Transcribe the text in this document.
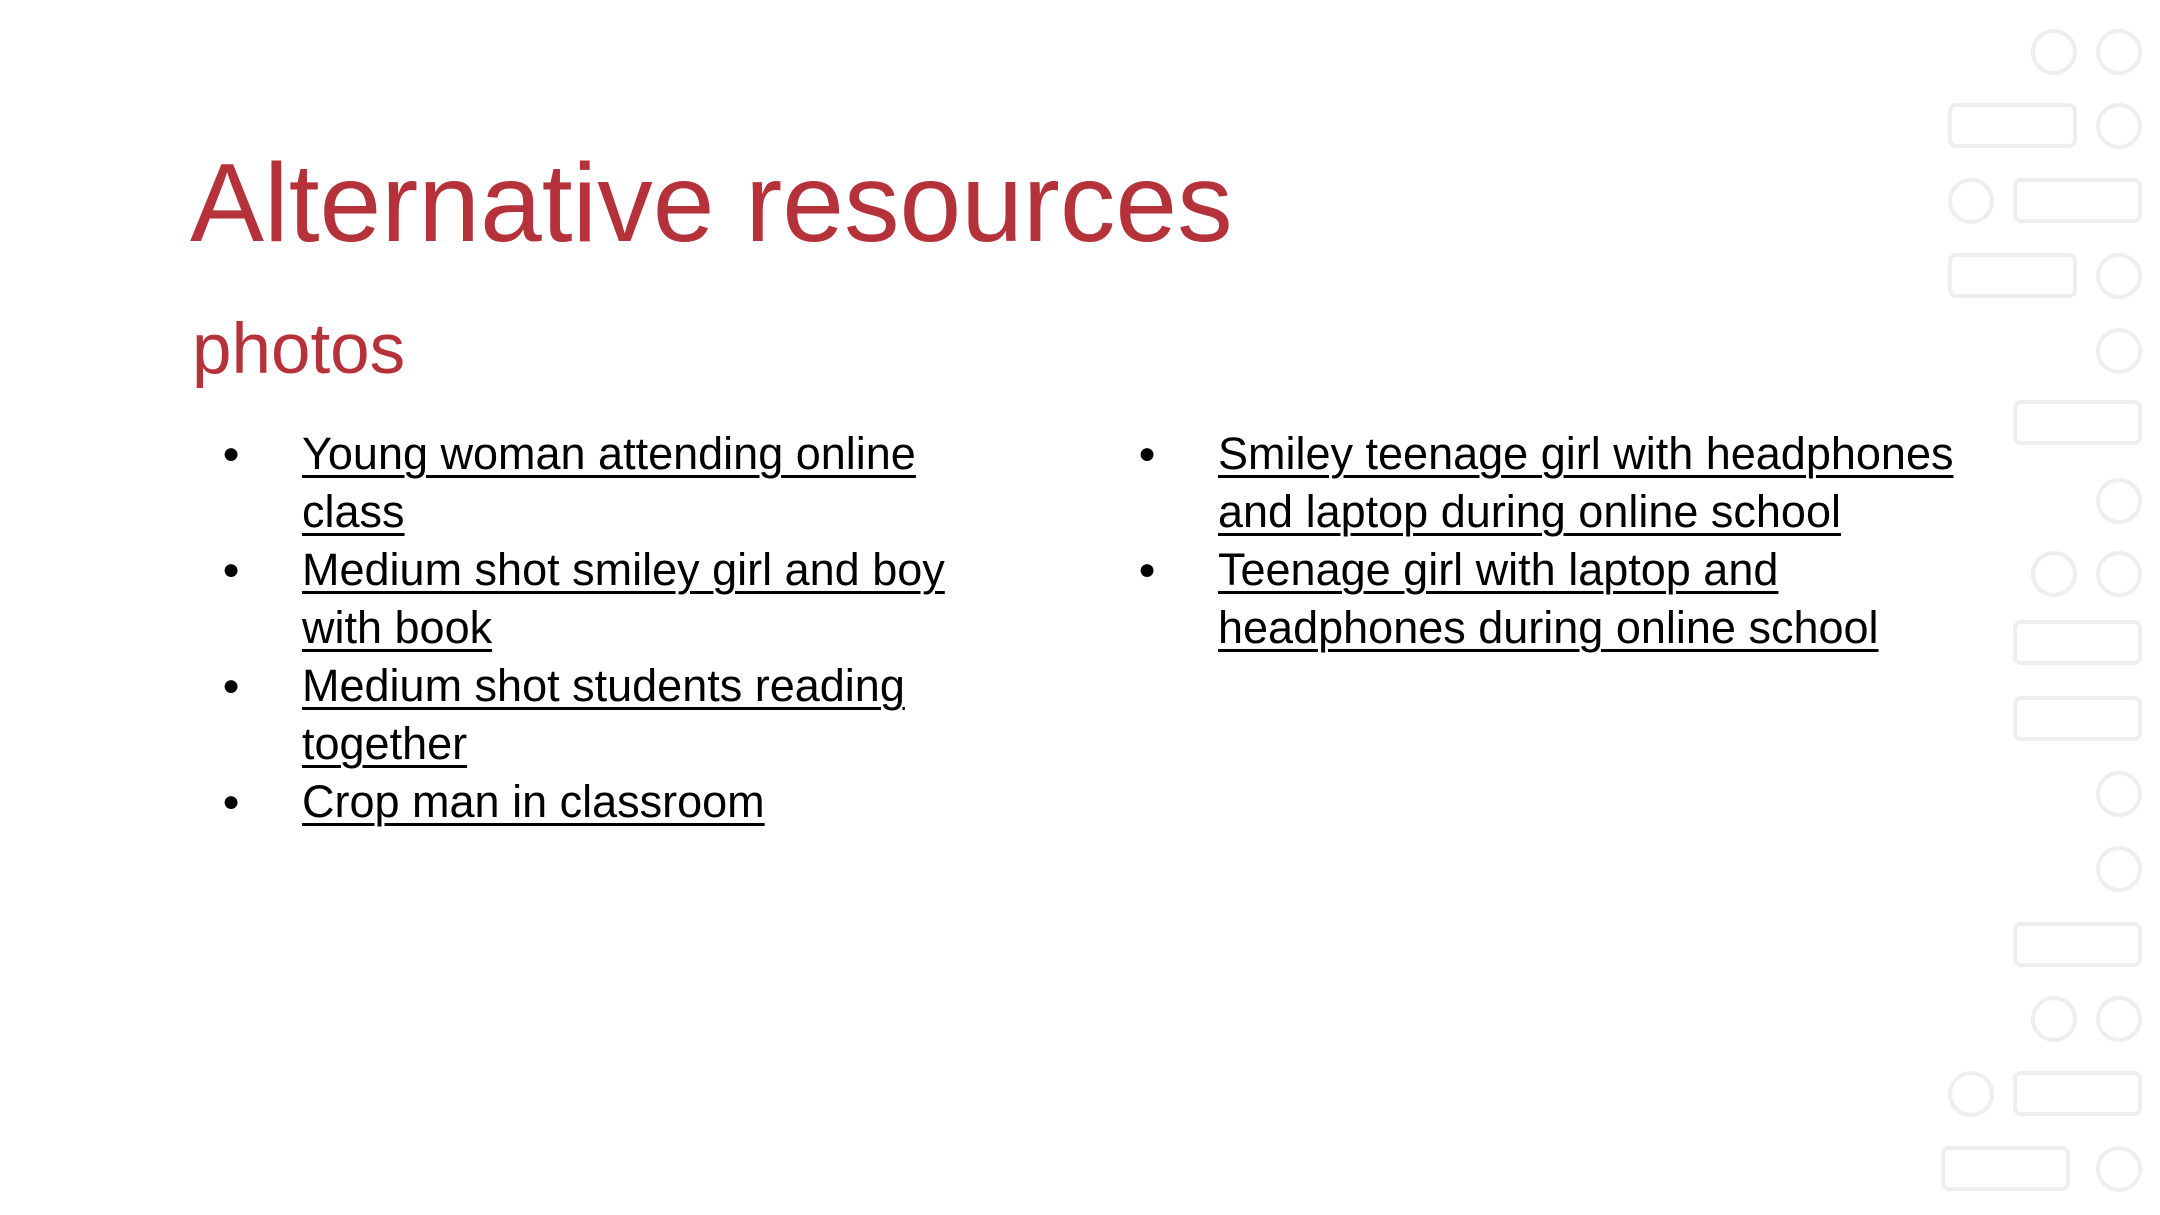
Alternative resources
photos
● Young woman attending online class
● Medium shot smiley girl and boy with book
● Medium shot students reading together
● Crop man in classroom
● Smiley teenage girl with headphones and laptop during online school
● Teenage girl with laptop and headphones during online school
